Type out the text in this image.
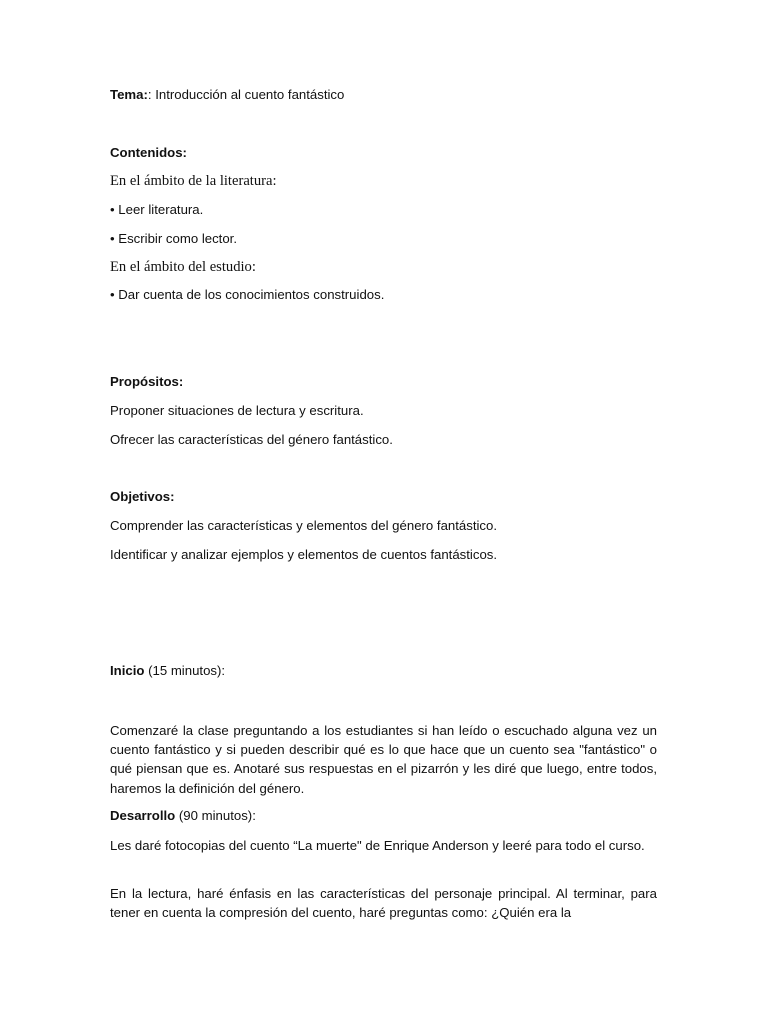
Tema:: Introducción al cuento fantástico
Contenidos:
En el ámbito de la literatura:
• Leer literatura.
• Escribir como lector.
En el ámbito del estudio:
• Dar cuenta de los conocimientos construidos.
Propósitos:
Proponer situaciones de lectura y escritura.
Ofrecer las características del género fantástico.
Objetivos:
Comprender las características y elementos del género fantástico.
Identificar y analizar ejemplos y elementos de cuentos fantásticos.
Inicio (15 minutos):
Comenzaré la clase preguntando a los estudiantes si han leído o escuchado alguna vez un cuento fantástico y si pueden describir qué es lo que hace que un cuento sea "fantástico" o qué piensan que es. Anotaré sus respuestas en el pizarrón y les diré que luego, entre todos, haremos la definición del género.
Desarrollo (90 minutos):
Les daré fotocopias del cuento “La muerte" de Enrique Anderson y leeré para todo el curso.
En la lectura, haré énfasis en las características del personaje principal. Al terminar, para tener en cuenta la compresión del cuento, haré preguntas como: ¿Quién era la
